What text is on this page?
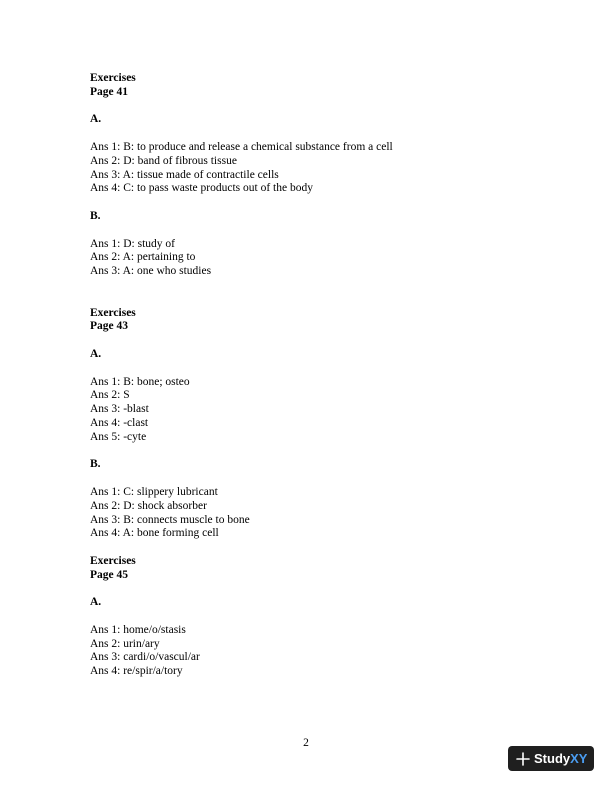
Exercises
Page 41
A.
Ans 1: B: to produce and release a chemical substance from a cell
Ans 2: D: band of fibrous tissue
Ans 3: A: tissue made of contractile cells
Ans 4: C: to pass waste products out of the body
B.
Ans 1: D: study of
Ans 2: A: pertaining to
Ans 3: A: one who studies
Exercises
Page 43
A.
Ans 1: B: bone; osteo
Ans 2: S
Ans 3: -blast
Ans 4: -clast
Ans 5: -cyte
B.
Ans 1: C: slippery lubricant
Ans 2: D: shock absorber
Ans 3: B: connects muscle to bone
Ans 4: A: bone forming cell
Exercises
Page 45
A.
Ans 1: home/o/stasis
Ans 2: urin/ary
Ans 3: cardi/o/vascul/ar
Ans 4: re/spir/a/tory
2
StudyXY
